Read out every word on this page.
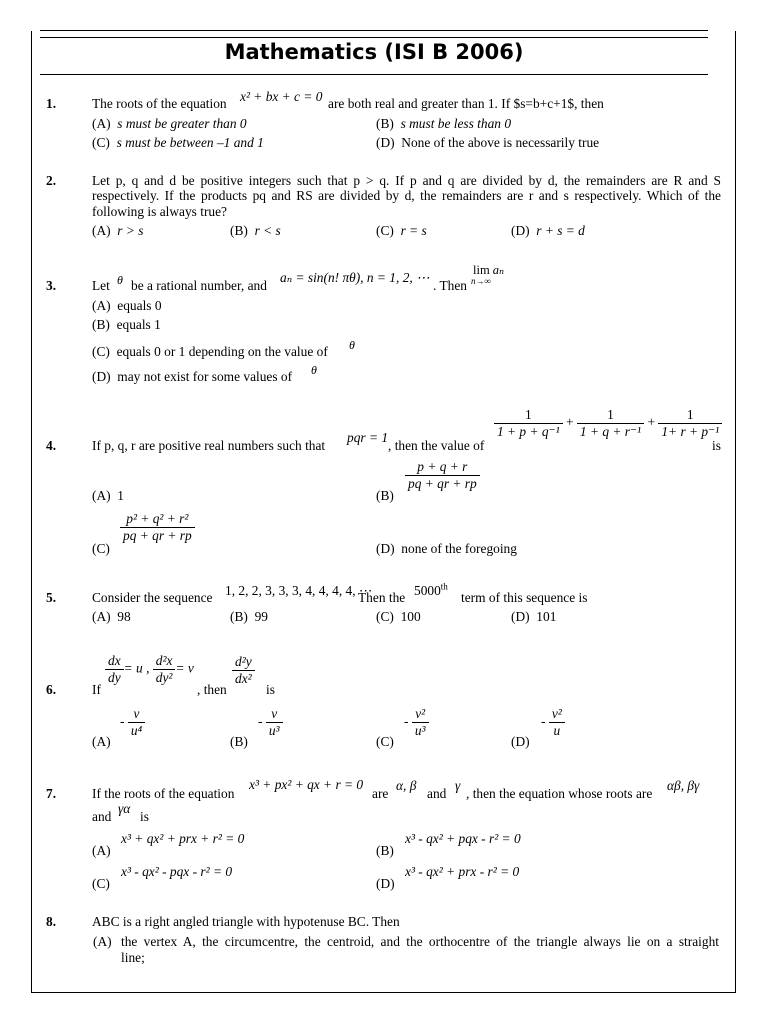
Mathematics (ISI B 2006)
1.	The roots of the equation x² + bx + c = 0 are both real and greater than 1. If $s=b+c+1$, then
(A) s must be greater than 0	(B) s must be less than 0
(C) s must be between –1 and 1	(D) None of the above is necessarily true
2.	Let p, q and d be positive integers such that p > q. If p and q are divided by d, the remainders are R and S
respectively. If the products pq and RS are divided by d, the remainders are r and s respectively. Which of the
following is always true?
(A) r > s	(B) r < s	(C) r = s	(D) r + s = d
3.	Let θ be a rational number, and
aₙ = sin(n! πθ), n = 1, 2, ⋯
. Then
lim aₙ
n→∞
(A) equals 0
(B) equals 1
(C) equals 0 or 1 depending on the value of θ
(D) may not exist for some values of θ
4.	If p, q, r are positive real numbers such that
pqr = 1
, then the value of
$\frac{1}{\text{1 + p + q⁻¹}} + \frac{1}{\text{1 + q + r⁻¹}} + \frac{1}{\text{1+ r + p⁻¹}}$
is
(A) 1	(B)
$\frac{p + q + r}{pq + qr + rp}$
(C)
$\frac{\text{p² + q² + r²}}{pq + qr + rp}$
(D) none of the foregoing
5.	Consider the sequence 1, 2, 2, 3, 3, 3, 4, 4, 4, 4, ⋯
Then the 5000th
term of this sequence is
(A) 98	(B) 99	(C) 100	(D) 101
6.	If
$\frac{dx}{dy} = u$ , $\frac{\text{d²x}}{\text{dy²}} = v$
, then
$\frac{\text{d²y}}{\text{dx²}}$
is
(A)
- $\frac{v}{\text{u⁴}}$
(B)
- $\frac{v}{\text{u³}}$
(C)
- $\frac{\text{v²}}{\text{u³}}$
(D)
- $\frac{\text{v²}}{u}$
7.	If the roots of the equation
x³ + px² + qx + r = 0
are
α, β
and
γ
, then the equation whose roots are
αβ, βγ
and
γα
is
(A)
x³ + qx² + prx + r² = 0
(B)
x³ - qx² + pqx - r² = 0
(C)
x³ - qx² - pqx - r² = 0
(D)
x³ - qx² + prx - r² = 0
8.	ABC is a right angled triangle with hypotenuse BC. Then
(A) the vertex A, the circumcentre, the centroid, and the orthocentre of the triangle always lie on a straight
line;
